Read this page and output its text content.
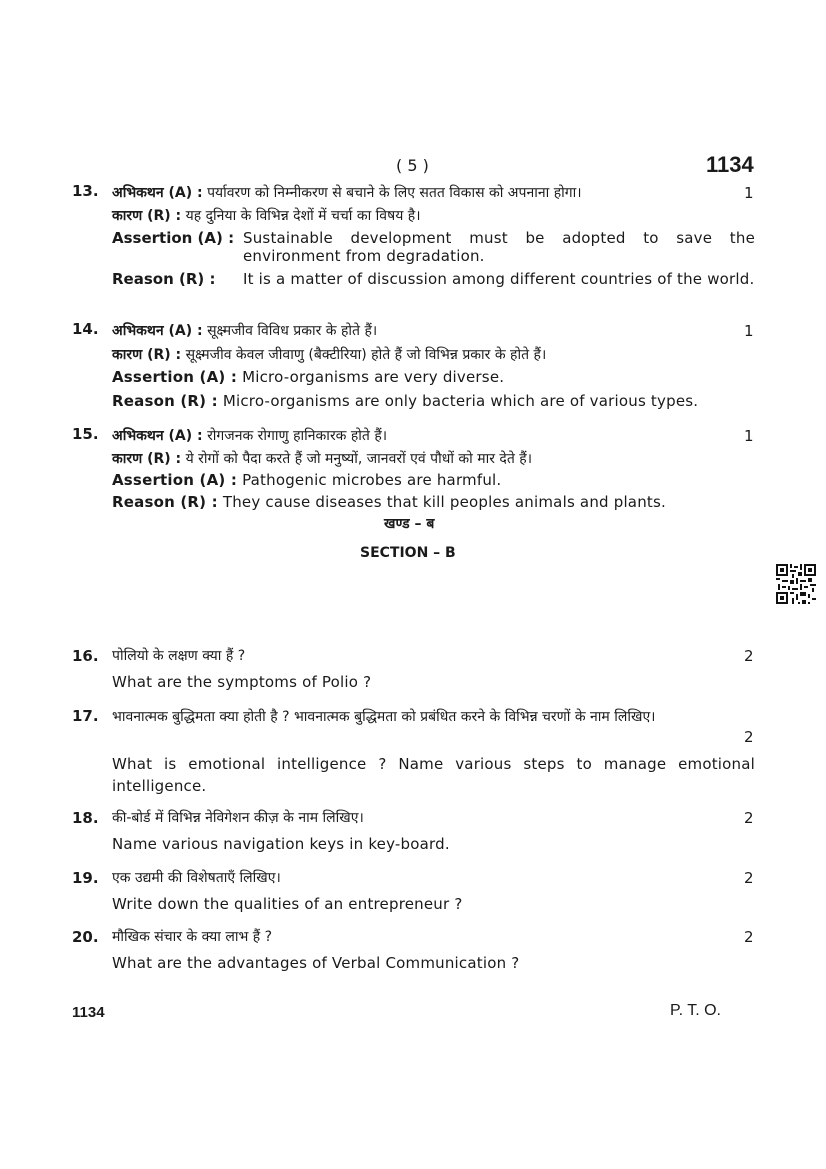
( 5 )	1134
13. अभिकथन (A) : पर्यावरण को निम्नीकरण से बचाने के लिए सतत विकास को अपनाना होगा।	1
कारण (R) : यह दुनिया के विभिन्न देशों में चर्चा का विषय है।
Assertion (A) : Sustainable development must be adopted to save the environment from degradation.
Reason (R) : It is a matter of discussion among different countries of the world.
14. अभिकथन (A) : सूक्ष्मजीव विविध प्रकार के होते हैं।	1
कारण (R) : सूक्ष्मजीव केवल जीवाणु (बैक्टीरिया) होते हैं जो विभिन्न प्रकार के होते हैं।
Assertion (A) : Micro-organisms are very diverse.
Reason (R) : Micro-organisms are only bacteria which are of various types.
15. अभिकथन (A) : रोगजनक रोगाणु हानिकारक होते हैं।	1
कारण (R) : ये रोगों को पैदा करते हैं जो मनुष्यों, जानवरों एवं पौधों को मार देते हैं।
Assertion (A) : Pathogenic microbes are harmful.
Reason (R) : They cause diseases that kill peoples animals and plants.
खण्ड – ब
SECTION – B
16. पोलियो के लक्षण क्या हैं ?	2
What are the symptoms of Polio ?
17. भावनात्मक बुद्धिमता क्या होती है ? भावनात्मक बुद्धिमता को प्रबंधित करने के विभिन्न चरणों के नाम लिखिए।
2
What is emotional intelligence ? Name various steps to manage emotional intelligence.
18. की-बोर्ड में विभिन्न नेविगेशन कीज़ के नाम लिखिए।	2
Name various navigation keys in key-board.
19. एक उद्यमी की विशेषताएँ लिखिए।	2
Write down the qualities of an entrepreneur ?
20. मौखिक संचार के क्या लाभ हैं ?	2
What are the advantages of Verbal Communication ?
1134	P. T. O.
